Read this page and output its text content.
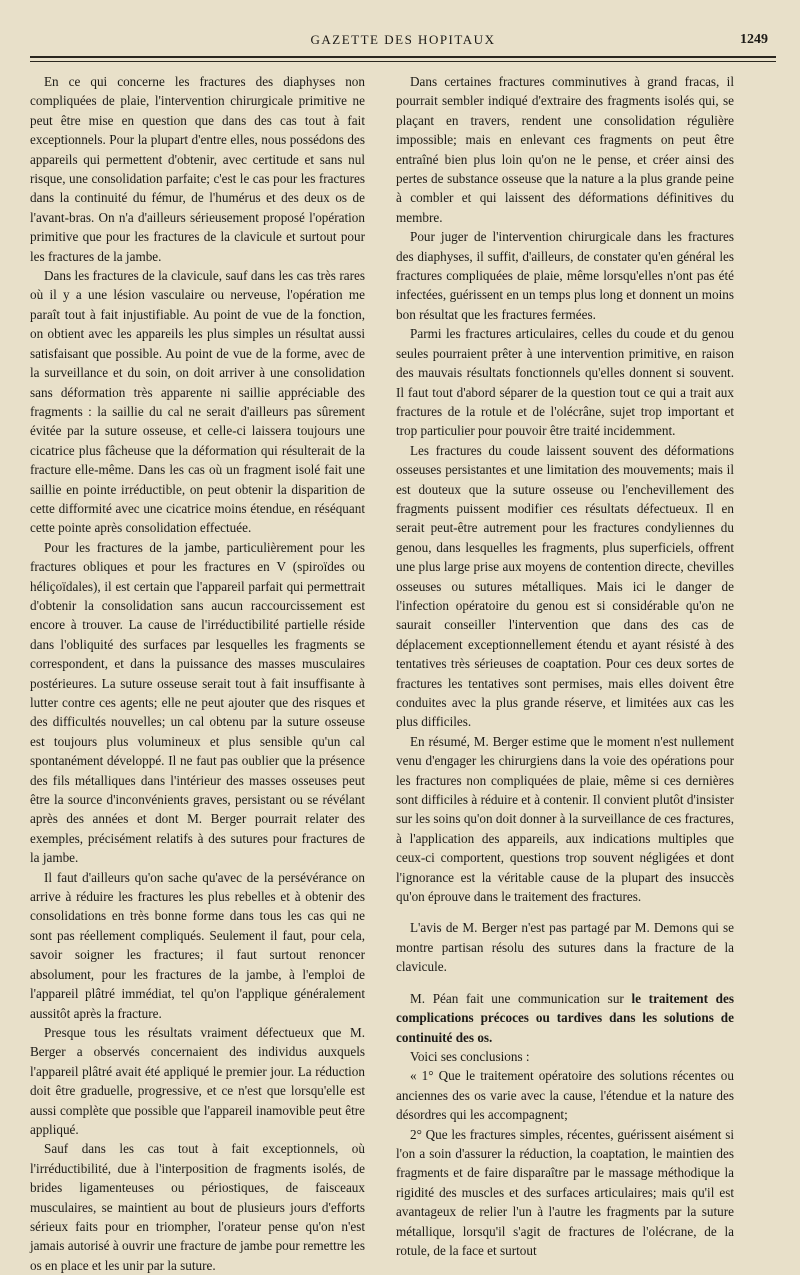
GAZETTE DES HOPITAUX	1249

En ce qui concerne les fractures des diaphyses non compliquées de plaie, l'intervention chirurgicale primitive ne peut être mise en question que dans des cas tout à fait exceptionnels. Pour la plupart d'entre elles, nous possédons des appareils qui permettent d'obtenir, avec certitude et sans nul risque, une consolidation parfaite; c'est le cas pour les fractures dans la continuité du fémur, de l'humérus et des deux os de l'avant-bras. On n'a d'ailleurs sérieusement proposé l'opération primitive que pour les fractures de la clavicule et surtout pour les fractures de la jambe.

Dans les fractures de la clavicule, sauf dans les cas très rares où il y a une lésion vasculaire ou nerveuse, l'opération me paraît tout à fait injustifiable. Au point de vue de la fonction, on obtient avec les appareils les plus simples un résultat aussi satisfaisant que possible. Au point de vue de la forme, avec de la surveillance et du soin, on doit arriver à une consolidation sans déformation très apparente ni saillie appréciable des fragments : la saillie du cal ne serait d'ailleurs pas sûrement évitée par la suture osseuse, et celle-ci laissera toujours une cicatrice plus fâcheuse que la déformation qui résulterait de la fracture elle-même. Dans les cas où un fragment isolé fait une saillie en pointe irréductible, on peut obtenir la disparition de cette difformité avec une cicatrice moins étendue, en réséquant cette pointe après consolidation effectuée.

Pour les fractures de la jambe, particulièrement pour les fractures obliques et pour les fractures en V (spiroïdes ou héliçoïdales), il est certain que l'appareil parfait qui permettrait d'obtenir la consolidation sans aucun raccourcissement est encore à trouver. La cause de l'irréductibilité partielle réside dans l'obliquité des surfaces par lesquelles les fragments se correspondent, et dans la puissance des masses musculaires postérieures. La suture osseuse serait tout à fait insuffisante à lutter contre ces agents; elle ne peut ajouter que des risques et des difficultés nouvelles; un cal obtenu par la suture osseuse est toujours plus volumineux et plus sensible qu'un cal spontanément développé. Il ne faut pas oublier que la présence des fils métalliques dans l'intérieur des masses osseuses peut être la source d'inconvénients graves, persistant ou se révélant après des années et dont M. Berger pourrait relater des exemples, précisément relatifs à des sutures pour fractures de la jambe.

Il faut d'ailleurs qu'on sache qu'avec de la persévérance on arrive à réduire les fractures les plus rebelles et à obtenir des consolidations en très bonne forme dans tous les cas qui ne sont pas réellement compliqués. Seulement il faut, pour cela, savoir soigner les fractures; il faut surtout renoncer absolument, pour les fractures de la jambe, à l'emploi de l'appareil plâtré immédiat, tel qu'on l'applique généralement aussitôt après la fracture.

Presque tous les résultats vraiment défectueux que M. Berger a observés concernaient des individus auxquels l'appareil plâtré avait été appliqué le premier jour. La réduction doit être graduelle, progressive, et ce n'est que lorsqu'elle est aussi complète que possible que l'appareil inamovible peut être appliqué.

Sauf dans les cas tout à fait exceptionnels, où l'irréductibilité, due à l'interposition de fragments isolés, de brides ligamenteuses ou périostiques, de faisceaux musculaires, se maintient au bout de plusieurs jours d'efforts sérieux faits pour en triompher, l'orateur pense qu'on n'est jamais autorisé à ouvrir une fracture de jambe pour remettre les os en place et les unir par la suture.

Dans certaines fractures comminutives à grand fracas, il pourrait sembler indiqué d'extraire des fragments isolés qui, se plaçant en travers, rendent une consolidation régulière impossible; mais en enlevant ces fragments on peut être entraîné bien plus loin qu'on ne le pense, et créer ainsi des pertes de substance osseuse que la nature a la plus grande peine à combler et qui laissent des déformations définitives du membre.

Pour juger de l'intervention chirurgicale dans les fractures des diaphyses, il suffit, d'ailleurs, de constater qu'en général les fractures compliquées de plaie, même lorsqu'elles n'ont pas été infectées, guérissent en un temps plus long et donnent un moins bon résultat que les fractures fermées.

Parmi les fractures articulaires, celles du coude et du genou seules pourraient prêter à une intervention primitive, en raison des mauvais résultats fonctionnels qu'elles donnent si souvent. Il faut tout d'abord séparer de la question tout ce qui a trait aux fractures de la rotule et de l'olécrâne, sujet trop important et trop particulier pour pouvoir être traité incidemment.

Les fractures du coude laissent souvent des déformations osseuses persistantes et une limitation des mouvements; mais il est douteux que la suture osseuse ou l'enchevillement des fragments puissent modifier ces résultats défectueux. Il en serait peut-être autrement pour les fractures condyliennes du genou, dans lesquelles les fragments, plus superficiels, offrent une plus large prise aux moyens de contention directe, chevilles osseuses ou sutures métalliques. Mais ici le danger de l'infection opératoire du genou est si considérable qu'on ne saurait conseiller l'intervention que dans des cas de déplacement exceptionnellement étendu et ayant résisté à des tentatives très sérieuses de coaptation. Pour ces deux sortes de fractures les tentatives sont permises, mais elles doivent être conduites avec la plus grande réserve, et limitées aux cas les plus difficiles.

En résumé, M. Berger estime que le moment n'est nullement venu d'engager les chirurgiens dans la voie des opérations pour les fractures non compliquées de plaie, même si ces dernières sont difficiles à réduire et à contenir. Il convient plutôt d'insister sur les soins qu'on doit donner à la surveillance de ces fractures, à l'application des appareils, aux indications multiples que ceux-ci comportent, questions trop souvent négligées et dont l'ignorance est la véritable cause de la plupart des insuccès qu'on éprouve dans le traitement des fractures.

L'avis de M. Berger n'est pas partagé par M. Demons qui se montre partisan résolu des sutures dans la fracture de la clavicule.

M. Péan fait une communication sur le traitement des complications précoces ou tardives dans les solutions de continuité des os.

Voici ses conclusions :

« 1° Que le traitement opératoire des solutions récentes ou anciennes des os varie avec la cause, l'étendue et la nature des désordres qui les accompagnent;

2° Que les fractures simples, récentes, guérissent aisément si l'on a soin d'assurer la réduction, la coaptation, le maintien des fragments et de faire disparaître par le massage méthodique la rigidité des muscles et des surfaces articulaires; mais qu'il est avantageux de relier l'un à l'autre les fragments par la suture métallique, lorsqu'il s'agit de fractures de l'olécrane, de la rotule, de la face et surtout
